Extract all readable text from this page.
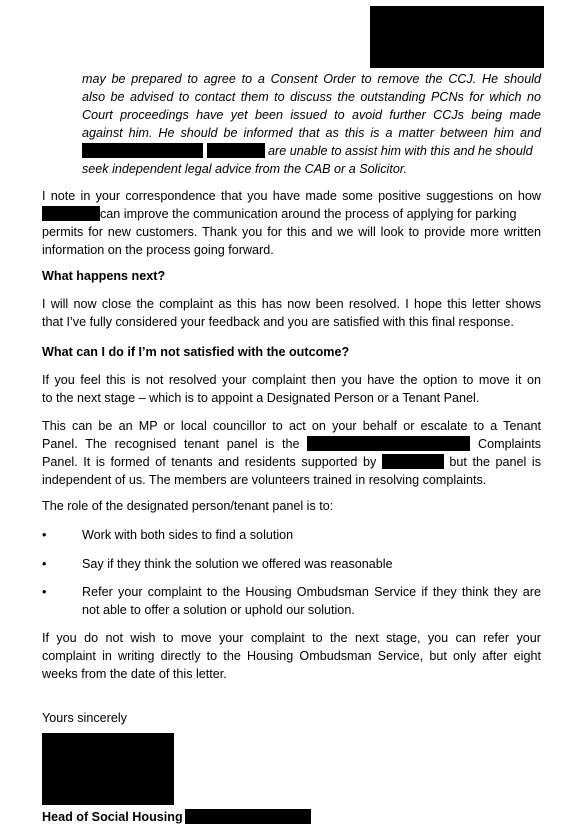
may be prepared to agree to a Consent Order to remove the CCJ. He should
also be advised to contact them to discuss the outstanding PCNs for which no
Court proceedings have yet been issued to avoid further CCJs being made
against him. He should be informed that as this is a matter between him and
are unable to assist him with this and he should
seek independent legal advice from the CAB or a Solicitor.
I note in your correspondence that you have made some positive suggestions on how
can improve the communication around the process of applying for parking
permits for new customers. Thank you for this and we will look to provide more written
information on the process going forward.
What happens next?
I will now close the complaint as this has now been resolved. I hope this letter shows
that I’ve fully considered your feedback and you are satisfied with this final response.
What can I do if I’m not satisfied with the outcome?
If you feel this is not resolved your complaint then you have the option to move it on
to the next stage – which is to appoint a Designated Person or a Tenant Panel.
This can be an MP or local councillor to act on your behalf or escalate to a Tenant
Panel. The recognised tenant panel is the	Complaints
Panel. It is formed of tenants and residents supported by	but the panel is
independent of us. The members are volunteers trained in resolving complaints.
The role of the designated person/tenant panel is to:
•	Work with both sides to find a solution
•	Say if they think the solution we offered was reasonable
•	Refer your complaint to the Housing Ombudsman Service if they think they are
not able to offer a solution or uphold our solution.
If you do not wish to move your complaint to the next stage, you can refer your
complaint in writing directly to the Housing Ombudsman Service, but only after eight
weeks from the date of this letter.
Yours sincerely
Head of Social Housing
